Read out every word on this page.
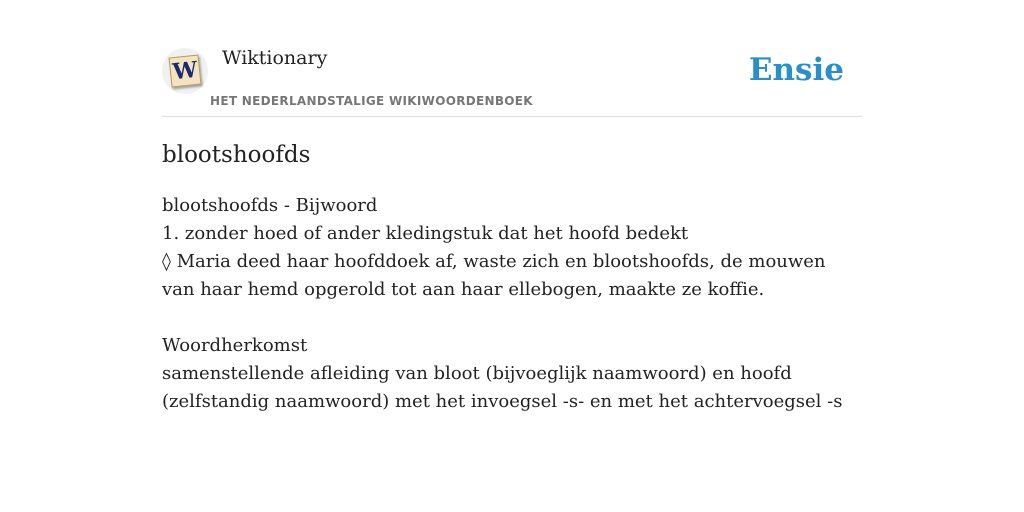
W Wiktionary
HET NEDERLANDSTALIGE WIKIWOORDENBOEK
Ensie
blootshoofds

blootshoofds - Bijwoord

1. zonder hoed of ander kledingstuk dat het hoofd bedekt

◊ Maria deed haar hoofddoek af, waste zich en blootshoofds, de mouwen van haar hemd opgerold tot aan haar ellebogen, maakte ze koffie.

Woordherkomst

samenstellende afleiding van bloot (bijvoeglijk naamwoord) en hoofd (zelfstandig naamwoord) met het invoegsel -s- en met het achtervoegsel -s
